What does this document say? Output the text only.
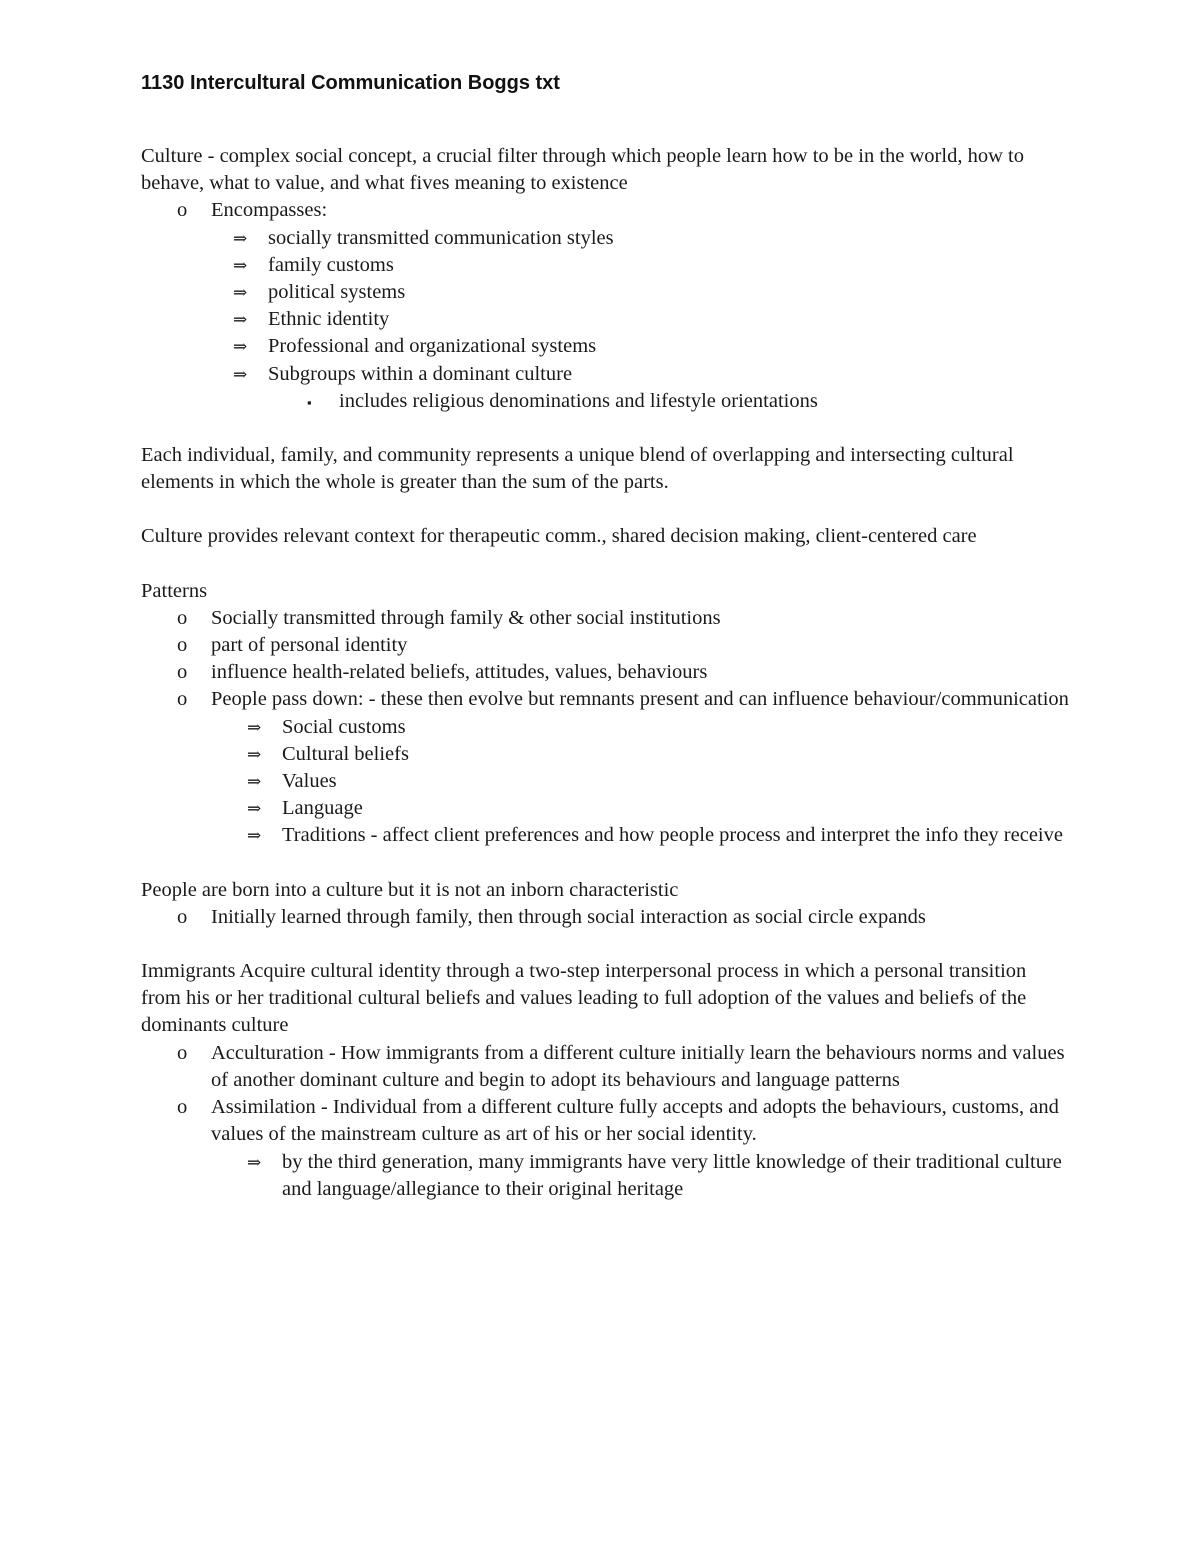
1130 Intercultural Communication Boggs txt

Culture - complex social concept, a crucial filter through which people learn how to be in the world, how to behave, what to value, and what fives meaning to existence

o Encompasses:
⇒ socially transmitted communication styles
⇒ family customs
⇒ political systems
⇒ Ethnic identity
⇒ Professional and organizational systems
⇒ Subgroups within a dominant culture
▪ includes religious denominations and lifestyle orientations

Each individual, family, and community represents a unique blend of overlapping and intersecting cultural elements in which the whole is greater than the sum of the parts.

Culture provides relevant context for therapeutic comm., shared decision making, client-centered care

Patterns

o Socially transmitted through family & other social institutions
o part of personal identity
o influence health-related beliefs, attitudes, values, behaviours
o People pass down: - these then evolve but remnants present and can influence behaviour/communication
⇒ Social customs
⇒ Cultural beliefs
⇒ Values
⇒ Language
⇒ Traditions - affect client preferences and how people process and interpret the info they receive

People are born into a culture but it is not an inborn characteristic

o Initially learned through family, then through social interaction as social circle expands

Immigrants Acquire cultural identity through a two-step interpersonal process in which a personal transition from his or her traditional cultural beliefs and values leading to full adoption of the values and beliefs of the dominants culture

o Acculturation - How immigrants from a different culture initially learn the behaviours norms and values of another dominant culture and begin to adopt its behaviours and language patterns
o Assimilation - Individual from a different culture fully accepts and adopts the behaviours, customs, and values of the mainstream culture as art of his or her social identity.
⇒ by the third generation, many immigrants have very little knowledge of their traditional culture and language/allegiance to their original heritage
